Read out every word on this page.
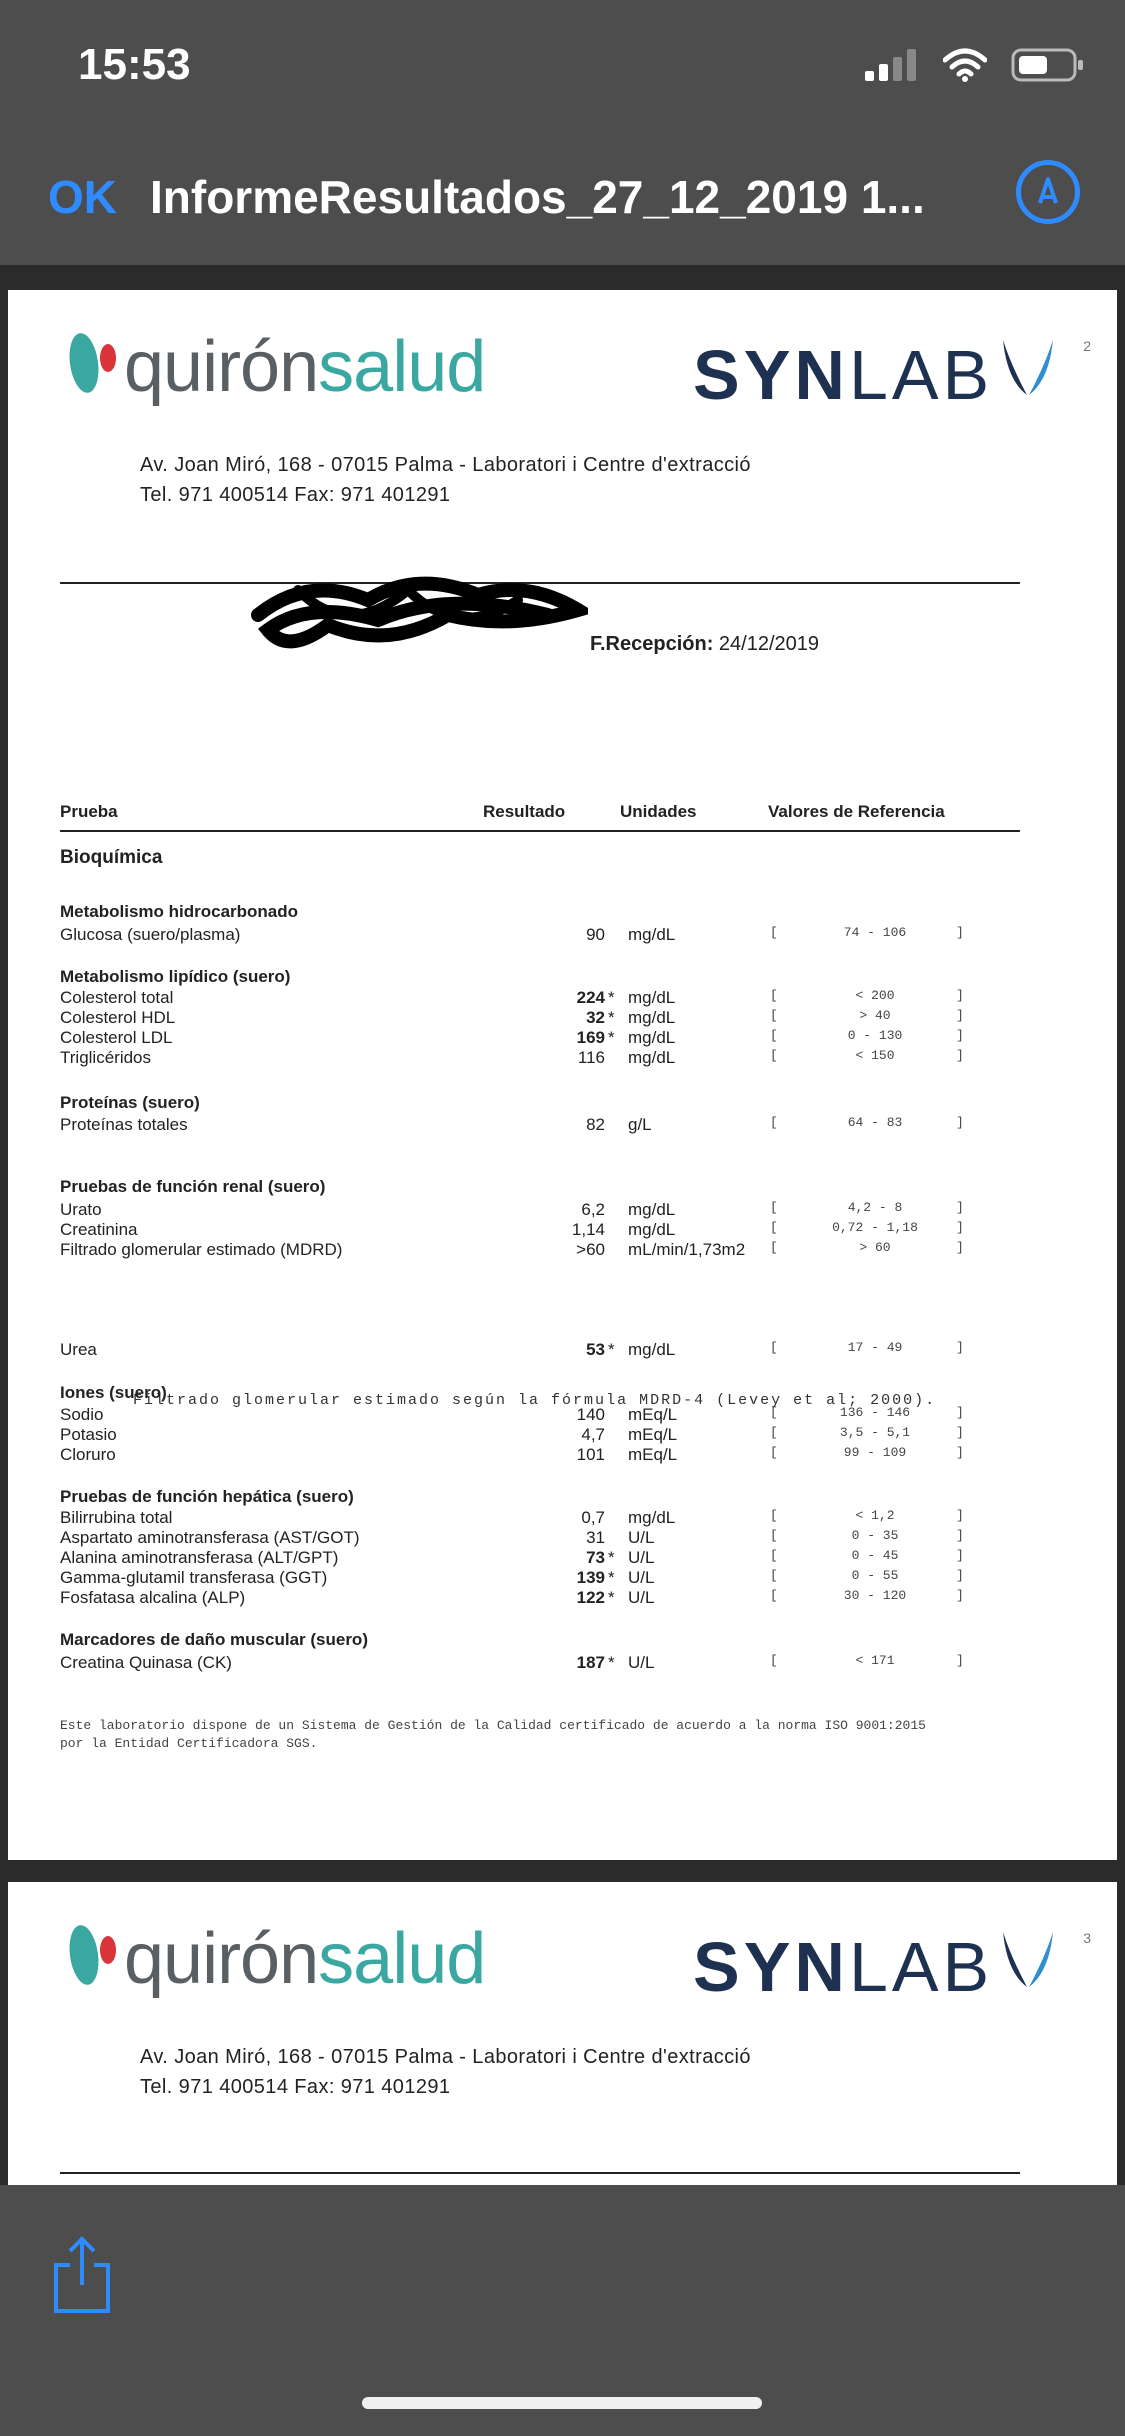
15:53
OK InformeResultados_27_12_2019 1...
2
quirón salud	SYN LAB
Av. Joan Miró, 168 - 07015 Palma - Laboratori i Centre d'extracció
Tel. 971 400514 Fax: 971 401291
F.Recepción: 24/12/2019
Prueba	Resultado	Unidades	Valores de Referencia
Bioquímica
Metabolismo hidrocarbonado
Glucosa (suero/plasma)	90 mg/dL	[	74 - 106	]
Metabolismo lipídico (suero)
Colesterol total	224 * mg/dL	[	< 200	]
Colesterol HDL	32 * mg/dL	[	> 40	]
Colesterol LDL	169 * mg/dL	[	0 - 130	]
Triglicéridos	116 mg/dL	[	< 150	]
Proteínas (suero)
Proteínas totales	82 g/L	[	64 - 83	]
Pruebas de función renal (suero)
Urato	6,2 mg/dL	[	4,2 - 8	]
Creatinina	1,14 mg/dL	[	0,72 - 1,18	]
Filtrado glomerular estimado (MDRD)	>60 mL/min/1,73m2 [	> 60	]
Filtrado glomerular estimado según la fórmula MDRD-4 (Levey et al; 2000).
Urea	53 * mg/dL	[	17 - 49	]
Iones (suero)
Sodio	140 mEq/L	[	136 - 146	]
Potasio	4,7 mEq/L	[	3,5 - 5,1	]
Cloruro	101 mEq/L	[	99 - 109	]
Pruebas de función hepática (suero)
Bilirrubina total	0,7 mg/dL	[	< 1,2	]
Aspartato aminotransferasa (AST/GOT)	31 U/L	[	0 - 35	]
Alanina aminotransferasa (ALT/GPT)	73 * U/L	[	0 - 45	]
Gamma-glutamil transferasa (GGT)	139 * U/L	[	0 - 55	]
Fosfatasa alcalina (ALP)	122 * U/L	[	30 - 120	]
Marcadores de daño muscular (suero)
Creatina Quinasa (CK)	187 * U/L	[	< 171	]
Este laboratorio dispone de un Sistema de Gestión de la Calidad certificado de acuerdo a la norma ISO 9001:2015
por la Entidad Certificadora SGS.
3
quirón salud	SYN LAB
Av. Joan Miró, 168 - 07015 Palma - Laboratori i Centre d'extracció
Tel. 971 400514 Fax: 971 401291
